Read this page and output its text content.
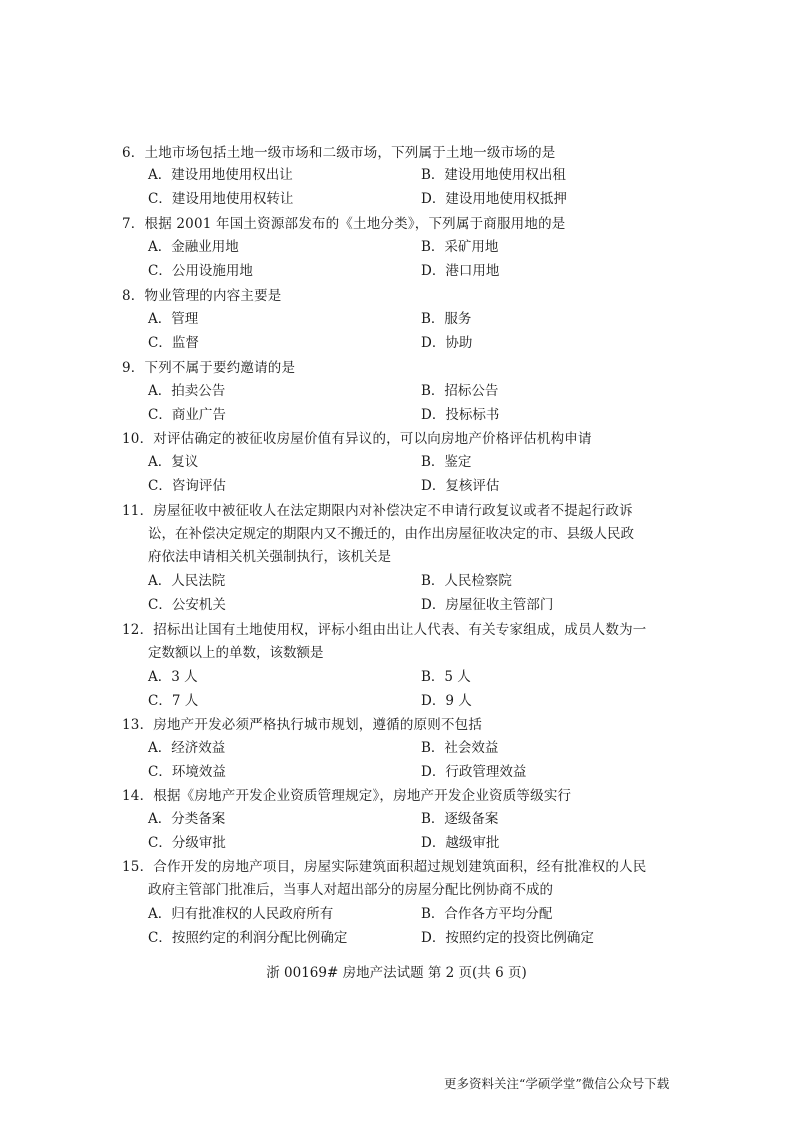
6．土地市场包括土地一级市场和二级市场，下列属于土地一级市场的是
A．建设用地使用权出让	B．建设用地使用权出租
C．建设用地使用权转让	D．建设用地使用权抵押
7．根据 2001 年国土资源部发布的《土地分类》，下列属于商服用地的是
A．金融业用地	B．采矿用地
C．公用设施用地	D．港口用地
8．物业管理的内容主要是
A．管理	B．服务
C．监督	D．协助
9．下列不属于要约邀请的是
A．拍卖公告	B．招标公告
C．商业广告	D．投标标书
10．对评估确定的被征收房屋价值有异议的，可以向房地产价格评估机构申请
A．复议	B．鉴定
C．咨询评估	D．复核评估
11．房屋征收中被征收人在法定期限内对补偿决定不申请行政复议或者不提起行政诉
讼，在补偿决定规定的期限内又不搬迁的，由作出房屋征收决定的市、县级人民政
府依法申请相关机关强制执行，该机关是
A．人民法院	B．人民检察院
C．公安机关	D．房屋征收主管部门
12．招标出让国有土地使用权，评标小组由出让人代表、有关专家组成，成员人数为一
定数额以上的单数，该数额是
A．3 人	B．5 人
C．7 人	D．9 人
13．房地产开发必须严格执行城市规划，遵循的原则不包括
A．经济效益	B．社会效益
C．环境效益	D．行政管理效益
14．根据《房地产开发企业资质管理规定》，房地产开发企业资质等级实行
A．分类备案	B．逐级备案
C．分级审批	D．越级审批
15．合作开发的房地产项目，房屋实际建筑面积超过规划建筑面积，经有批准权的人民
政府主管部门批准后，当事人对超出部分的房屋分配比例协商不成的
A．归有批准权的人民政府所有	B．合作各方平均分配
C．按照约定的利润分配比例确定	D．按照约定的投资比例确定
浙 00169# 房地产法试题 第 2 页(共 6 页)
更多资料关注“学硕学堂”微信公众号下载
